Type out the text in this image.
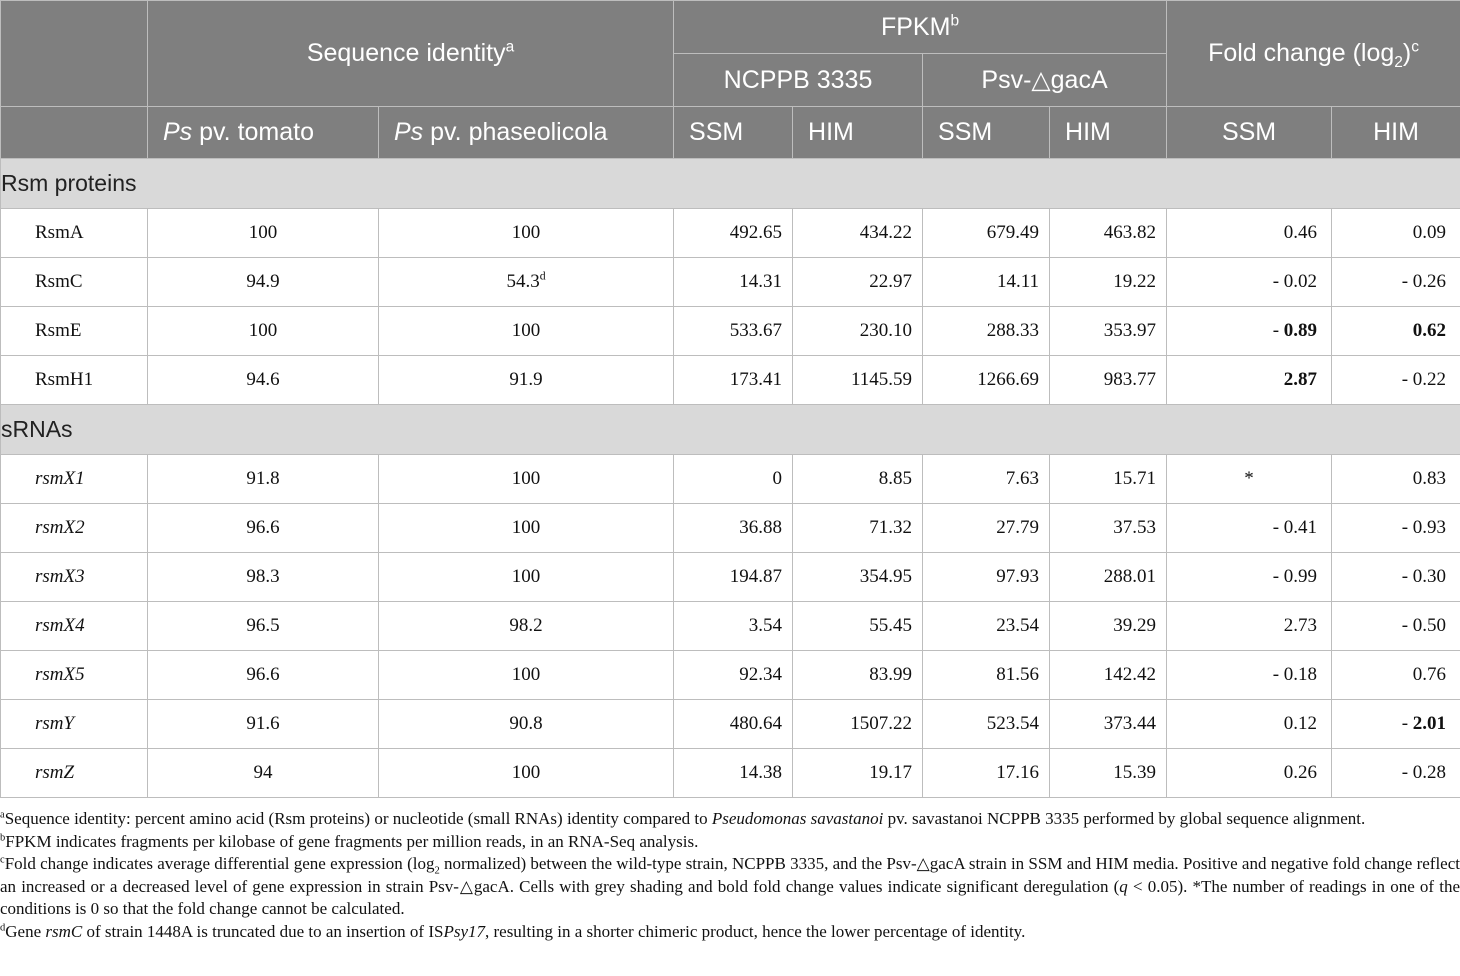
	Sequence identity$^a$		FPKM$^b$				Fold change $(\log_2)^c$
			NCPPB 3335		Psv-△gacA			
	Ps pv. tomato	Ps pv. phaseolicola	SSM	HIM	SSM	HIM	SSM	HIM
Rsm proteins								
RsmA	100	100	492.65	434.22	679.49	463.82	0.46	0.09
RsmC	94.9	54.3$^d$	14.31	22.97	14.11	19.22	- 0.02	- 0.26
RsmE	100	100	533.67	230.10	288.33	353.97	- 0.89	0.62
RsmH1	94.6	91.9	173.41	1145.59	1266.69	983.77	2.87	- 0.22
sRNAs								
rsmX1	91.8	100	0	8.85	7.63	15.71	*	0.83
rsmX2	96.6	100	36.88	71.32	27.79	37.53	- 0.41	- 0.93
rsmX3	98.3	100	194.87	354.95	97.93	288.01	- 0.99	- 0.30
rsmX4	96.5	98.2	3.54	55.45	23.54	39.29	2.73	- 0.50
rsmX5	96.6	100	92.34	83.99	81.56	142.42	- 0.18	0.76
rsmY	91.6	90.8	480.64	1507.22	523.54	373.44	0.12	- 2.01
rsmZ	94	100	14.38	19.17	17.16	15.39	0.26	- 0.28

$^a$Sequence identity: percent amino acid (Rsm proteins) or nucleotide (small RNAs) identity compared to Pseudomonas savastanoi pv. savastanoi NCPPB 3335 performed by global sequence alignment.

$^b$FPKM indicates fragments per kilobase of gene fragments per million reads, in an RNA-Seq analysis.

$^c$Fold change indicates average differential gene expression ($\log_2$ normalized) between the wild-type strain, NCPPB 3335, and the Psv-△gacA strain in SSM and HIM media. Positive and negative fold change reflect an increased or a decreased level of gene expression in strain Psv-△gacA. Cells with grey shading and bold fold change values indicate significant deregulation (q < 0.05). *The number of readings in one of the conditions is 0 so that the fold change cannot be calculated.

$^d$Gene rsmC of strain 1448A is truncated due to an insertion of ISPsy17, resulting in a shorter chimeric product, hence the lower percentage of identity.
